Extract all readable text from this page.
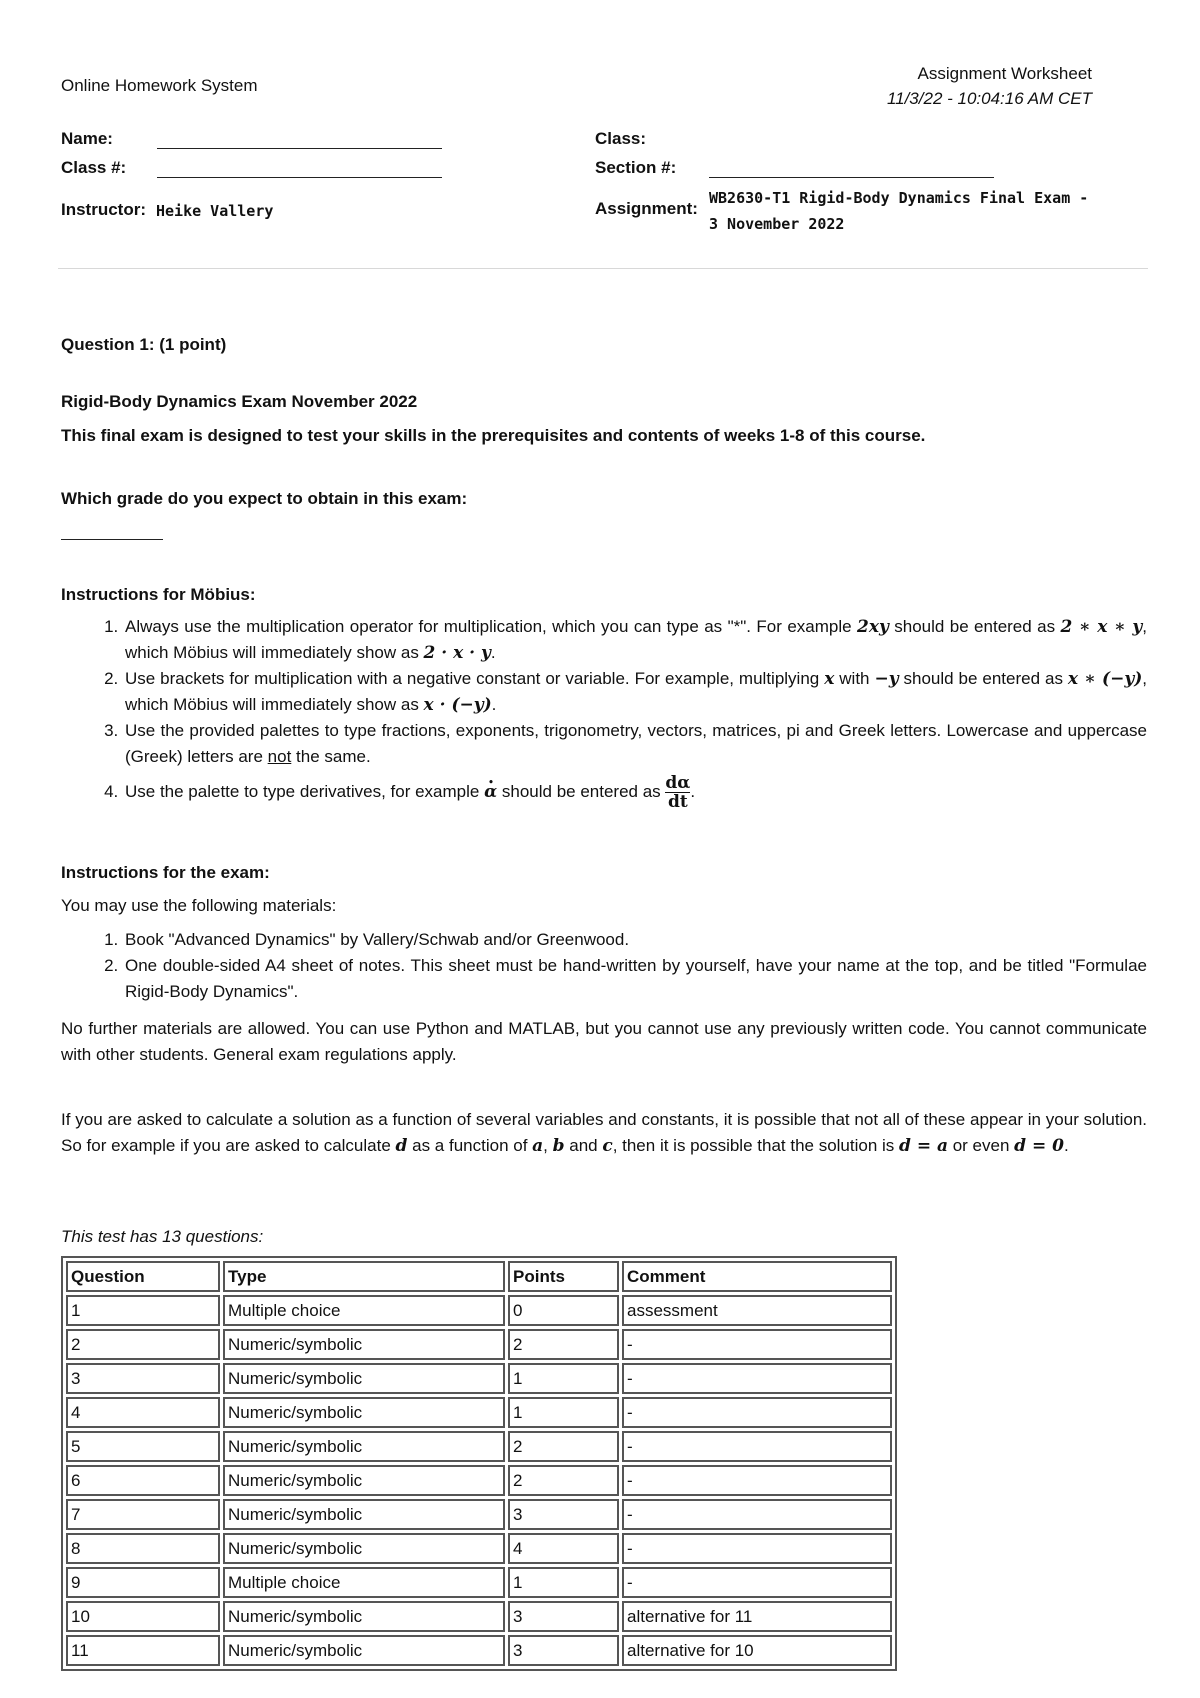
Online Homework System
Assignment Worksheet
11/3/22 - 10:04:16 AM CET
Name:
Class #:
Instructor: Heike Vallery
Class:
Section #:
Assignment:
WB2630-T1 Rigid-Body Dynamics Final Exam -
3 November 2022
Question 1: (1 point)
Rigid-Body Dynamics Exam November 2022
This final exam is designed to test your skills in the prerequisites and contents of weeks 1-8 of this course.
Which grade do you expect to obtain in this exam:
Instructions for Möbius:
1. Always use the multiplication operator for multiplication, which you can type as "*". For example 2xy should be entered as 2 ∗ x ∗ y, which Möbius will immediately show as 2 · x · y.
2. Use brackets for multiplication with a negative constant or variable. For example, multiplying x with −y should be entered as x ∗ (−y), which Möbius will immediately show as x · (−y).
3. Use the provided palettes to type fractions, exponents, trigonometry, vectors, matrices, pi and Greek letters. Lowercase and uppercase (Greek) letters are not the same.
4. Use the palette to type derivatives, for example • α should be entered as $\frac{d\alpha}{dt}$ .
Instructions for the exam:
You may use the following materials:
1. Book "Advanced Dynamics" by Vallery/Schwab and/or Greenwood.
2. One double-sided A4 sheet of notes. This sheet must be hand-written by yourself, have your name at the top, and be titled "Formulae Rigid-Body Dynamics".
No further materials are allowed. You can use Python and MATLAB, but you cannot use any previously written code. You cannot communicate with other students. General exam regulations apply.
If you are asked to calculate a solution as a function of several variables and constants, it is possible that not all of these appear in your solution. So for example if you are asked to calculate d as a function of a, b and c, then it is possible that the solution is d = a or even d = 0.
This test has 13 questions:
Question	Type	Points	Comment
1	Multiple choice	0	assessment
2	Numeric/symbolic	2	-
3	Numeric/symbolic	1	-
4	Numeric/symbolic	1	-
5	Numeric/symbolic	2	-
6	Numeric/symbolic	2	-
7	Numeric/symbolic	3	-
8	Numeric/symbolic	4	-
9	Multiple choice	1	-
10	Numeric/symbolic	3	alternative for 11
11	Numeric/symbolic	3	alternative for 10
